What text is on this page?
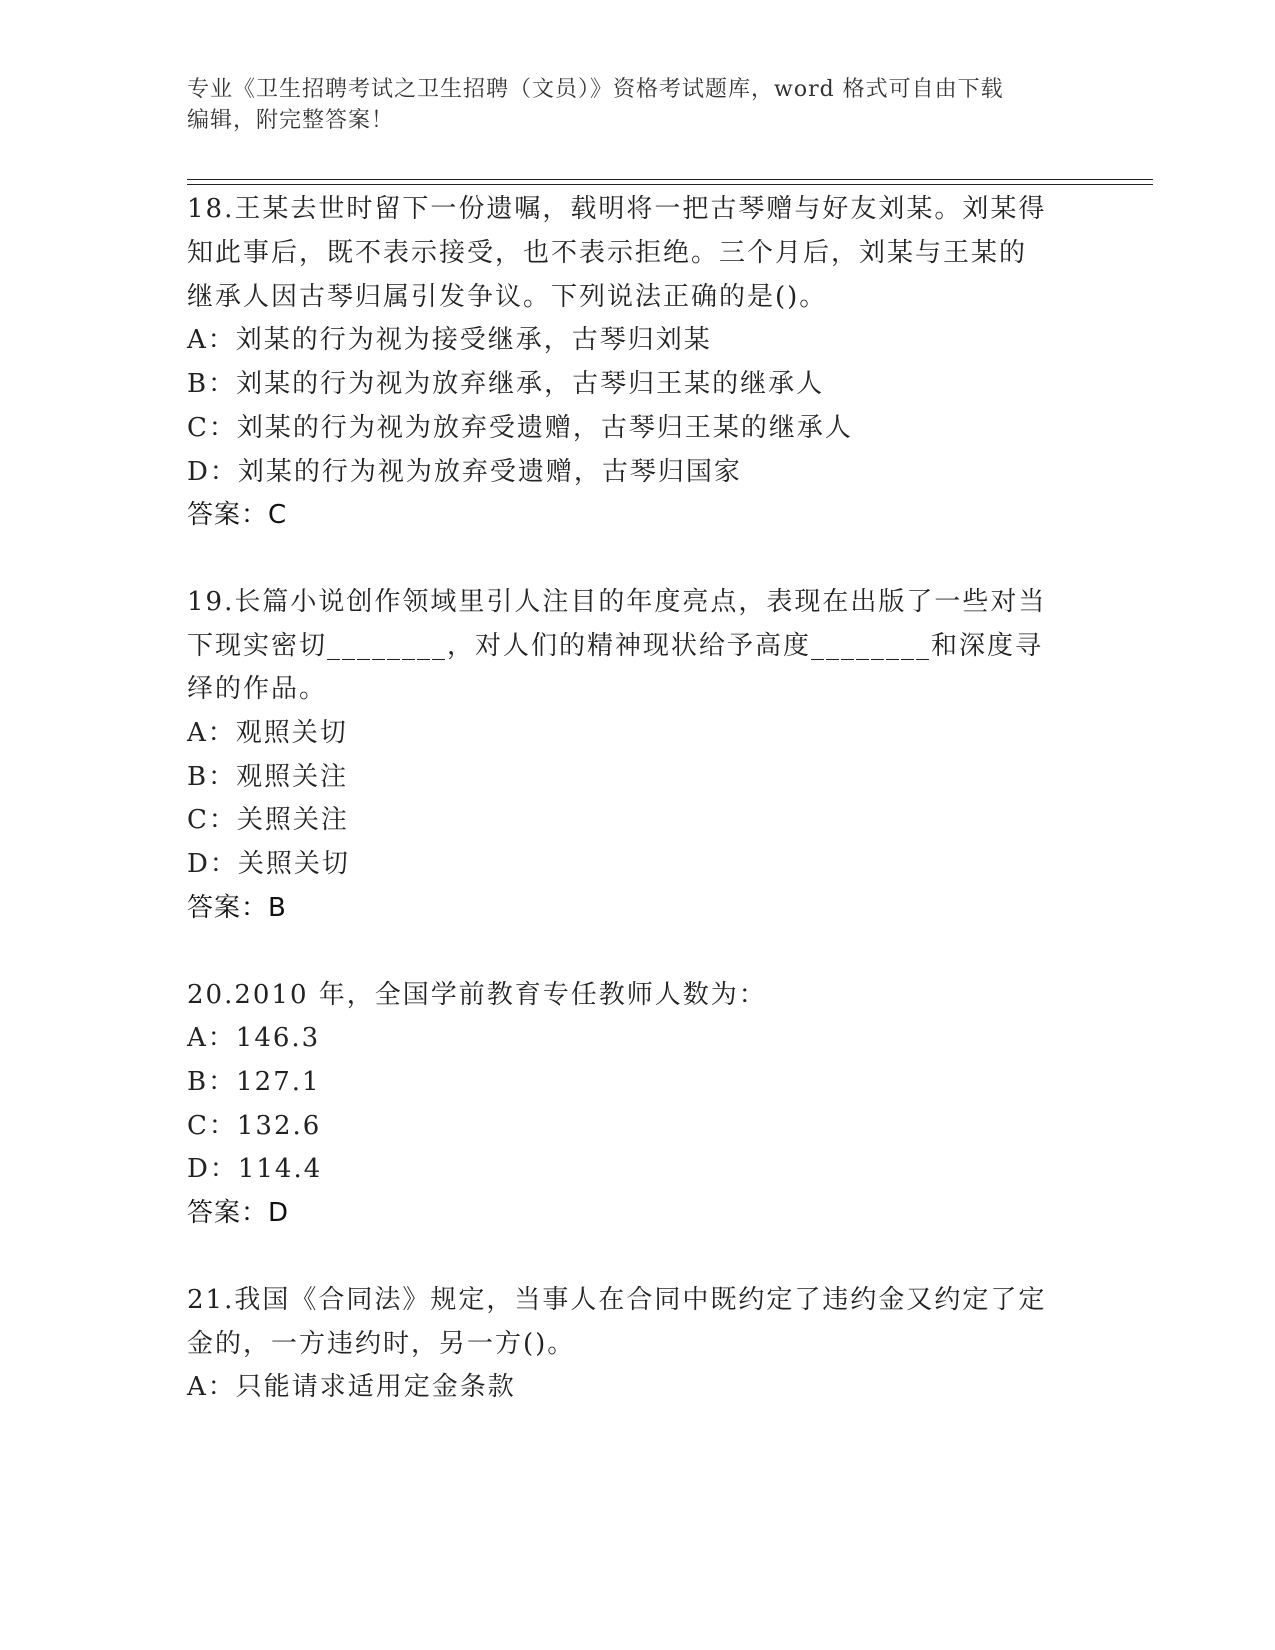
专业《卫生招聘考试之卫生招聘（文员）》资格考试题库，word 格式可自由下载
编辑，附完整答案！
18.王某去世时留下一份遗嘱，载明将一把古琴赠与好友刘某。刘某得
知此事后，既不表示接受，也不表示拒绝。三个月后，刘某与王某的
继承人因古琴归属引发争议。下列说法正确的是()。
A：刘某的行为视为接受继承，古琴归刘某
B：刘某的行为视为放弃继承，古琴归王某的继承人
C：刘某的行为视为放弃受遗赠，古琴归王某的继承人
D：刘某的行为视为放弃受遗赠，古琴归国家
答案：C
19.长篇小说创作领域里引人注目的年度亮点，表现在出版了一些对当
下现实密切________，对人们的精神现状给予高度________和深度寻
绎的作品。
A：观照关切
B：观照关注
C：关照关注
D：关照关切
答案：B
20.2010 年，全国学前教育专任教师人数为：
A：146.3
B：127.1
C：132.6
D：114.4
答案：D
21.我国《合同法》规定，当事人在合同中既约定了违约金又约定了定
金的，一方违约时，另一方()。
A：只能请求适用定金条款
